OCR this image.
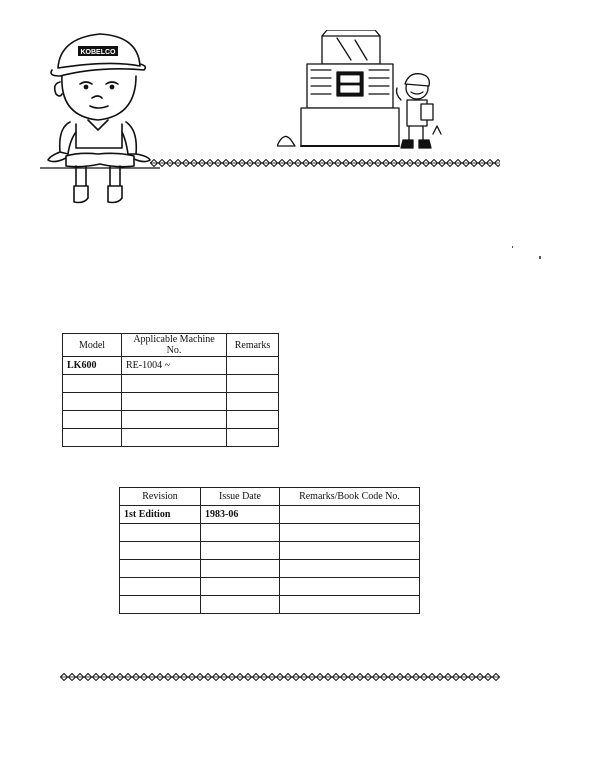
KOBELCO
Model	Applicable Machine No.	Remarks
LK600	RE-1004 ~	

Revision	Issue Date	Remarks/Book Code No.
1st Edition	1983-06	
